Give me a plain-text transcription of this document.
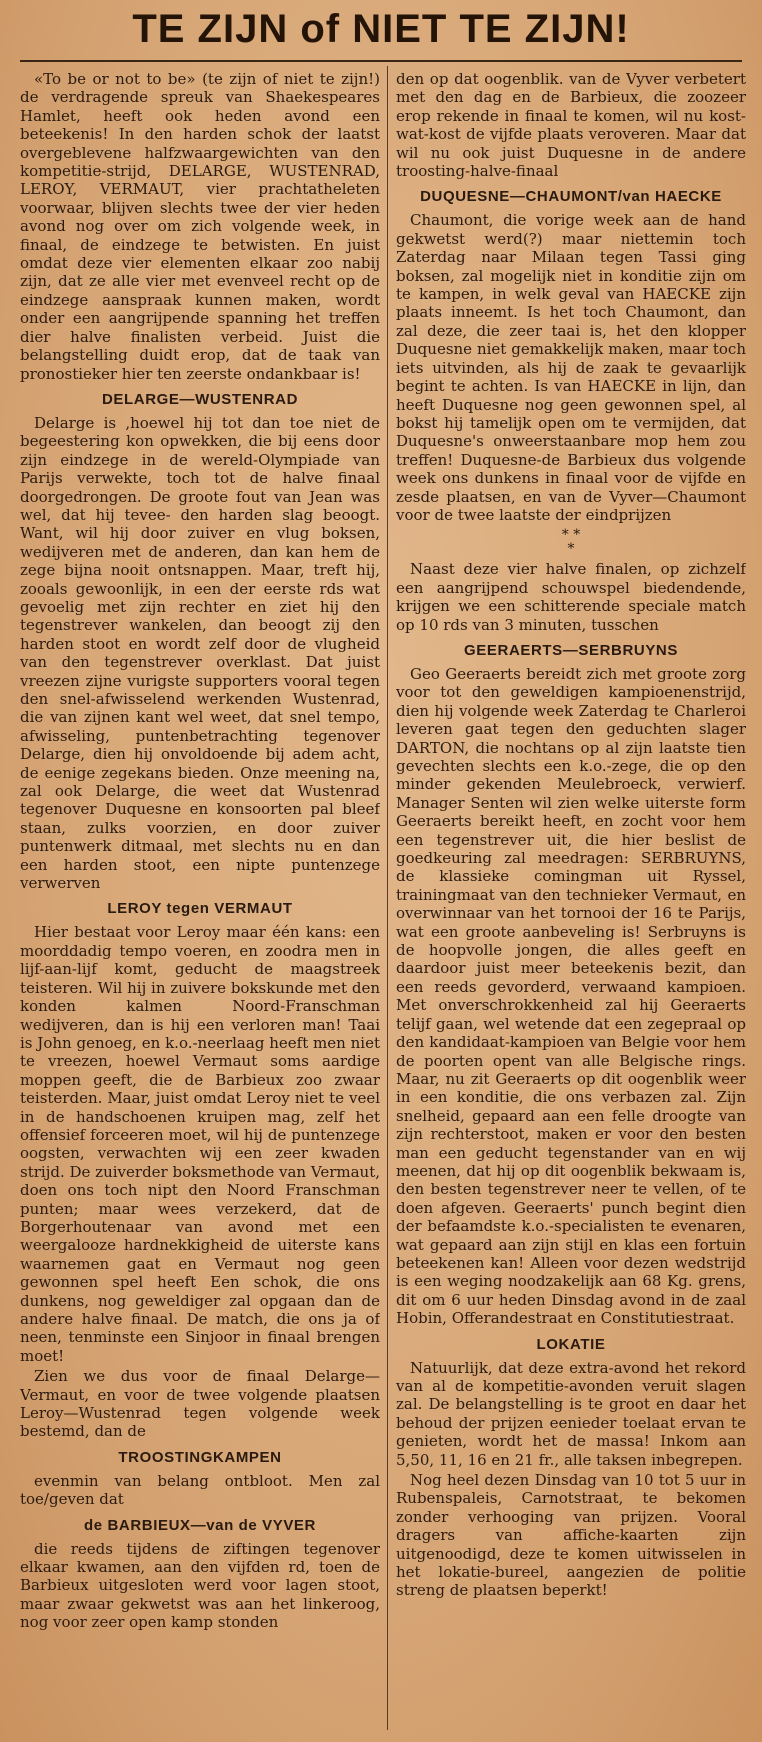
TE ZIJN of NIET TE ZIJN!

«To be or not to be» (te zijn of niet te zijn!) de verdragende spreuk van Shaekespeares Hamlet, heeft ook heden avond een beteekenis! In den harden schok der laatst overgeblevene halfzwaargewichten van den kompetitie-strijd, DELARGE, WUSTENRAD, LEROY, VERMAUT, vier prachtatheleten voorwaar, blijven slechts twee der vier heden avond nog over om zich volgende week, in finaal, de eindzege te betwisten. En juist omdat deze vier elementen elkaar zoo nabij zijn, dat ze alle vier met evenveel recht op de eindzege aanspraak kunnen maken, wordt onder een aangrijpende spanning het treffen dier halve finalisten verbeid. Juist die belangstelling duidt erop, dat de taak van pronostieker hier ten zeerste ondankbaar is!

DELARGE—WUSTENRAD

Delarge is ,hoewel hij tot dan toe niet de begeestering kon opwekken, die bij eens door zijn eindzege in de wereld-Olympiade van Parijs verwekte, toch tot de halve finaal doorgedrongen. De groote fout van Jean was wel, dat hij tevee- den harden slag beoogt. Want, wil hij door zuiver en vlug boksen, wedijveren met de anderen, dan kan hem de zege bijna nooit ontsnappen. Maar, treft hij, zooals gewoonlijk, in een der eerste rds wat gevoelig met zijn rechter en ziet hij den tegenstrever wankelen, dan beoogt zij den harden stoot en wordt zelf door de vlugheid van den tegenstrever overklast. Dat juist vreezen zijne vurigste supporters vooral tegen den snel-afwisselend werkenden Wustenrad, die van zijnen kant wel weet, dat snel tempo, afwisseling, puntenbetrachting tegenover Delarge, dien hij onvoldoende bij adem acht, de eenige zegekans bieden. Onze meening na, zal ook Delarge, die weet dat Wustenrad tegenover Duquesne en konsoorten pal bleef staan, zulks voorzien, en door zuiver puntenwerk ditmaal, met slechts nu en dan een harden stoot, een nipte puntenzege verwerven

LEROY tegen VERMAUT

Hier bestaat voor Leroy maar één kans: een moorddadig tempo voeren, en zoodra men in lijf-aan-lijf komt, geducht de maagstreek teisteren. Wil hij in zuivere bokskunde met den konden kalmen Noord-Franschman wedijveren, dan is hij een verloren man! Taai is John genoeg, en k.o.-neerlaag heeft men niet te vreezen, hoewel Vermaut soms aardige moppen geeft, die de Barbieux zoo zwaar teisterden. Maar, juist omdat Leroy niet te veel in de handschoenen kruipen mag, zelf het offensief forceeren moet, wil hij de puntenzege oogsten, verwachten wij een zeer kwaden strijd. De zuiverder boksmethode van Vermaut, doen ons toch nipt den Noord Franschman punten; maar wees verzekerd, dat de Borgerhoutenaar van avond met een weergalooze hardnekkigheid de uiterste kans waarnemen gaat en Vermaut nog geen gewonnen spel heeft Een schok, die ons dunkens, nog geweldiger zal opgaan dan de andere halve finaal. De match, die ons ja of neen, tenminste een Sinjoor in finaal brengen moet!

Zien we dus voor de finaal Delarge—Vermaut, en voor de twee volgende plaatsen Leroy—Wustenrad tegen volgende week bestemd, dan de

TROOSTINGKAMPEN

evenmin van belang ontbloot. Men zal toe/geven dat

de BARBIEUX—van de VYVER

die reeds tijdens de ziftingen tegenover elkaar kwamen, aan den vijfden rd, toen de Barbieux uitgesloten werd voor lagen stoot, maar zwaar gekwetst was aan het linkeroog, nog voor zeer open kamp stonden

den op dat oogenblik. van de Vyver verbetert met den dag en de Barbieux, die zoozeer erop rekende in finaal te komen, wil nu kost-wat-kost de vijfde plaats veroveren. Maar dat wil nu ook juist Duquesne in de andere troosting-halve-finaal

DUQUESNE—CHAUMONT/van HAECKE

Chaumont, die vorige week aan de hand gekwetst werd(?) maar niettemin toch Zaterdag naar Milaan tegen Tassi ging boksen, zal mogelijk niet in konditie zijn om te kampen, in welk geval van HAECKE zijn plaats inneemt. Is het toch Chaumont, dan zal deze, die zeer taai is, het den klopper Duquesne niet gemakkelijk maken, maar toch iets uitvinden, als hij de zaak te gevaarlijk begint te achten. Is van HAECKE in lijn, dan heeft Duquesne nog geen gewonnen spel, al bokst hij tamelijk open om te vermijden, dat Duquesne's onweerstaanbare mop hem zou treffen! Duquesne-de Barbieux dus volgende week ons dunkens in finaal voor de vijfde en zesde plaatsen, en van de Vyver—Chaumont voor de twee laatste der eindprijzen

* *
*

Naast deze vier halve finalen, op zichzelf een aangrijpend schouwspel biedendende, krijgen we een schitterende speciale match op 10 rds van 3 minuten, tusschen

GEERAERTS—SERBRUYNS

Geo Geeraerts bereidt zich met groote zorg voor tot den geweldigen kampioenenstrijd, dien hij volgende week Zaterdag te Charleroi leveren gaat tegen den geduchten slager DARTON, die nochtans op al zijn laatste tien gevechten slechts een k.o.-zege, die op den minder gekenden Meulebroeck, verwierf. Manager Senten wil zien welke uiterste form Geeraerts bereikt heeft, en zocht voor hem een tegenstrever uit, die hier beslist de goedkeuring zal meedragen: SERBRUYNS, de klassieke comingman uit Ryssel, trainingmaat van den technieker Vermaut, en overwinnaar van het tornooi der 16 te Parijs, wat een groote aanbeveling is! Serbruyns is de hoopvolle jongen, die alles geeft en daardoor juist meer beteekenis bezit, dan een reeds gevorderd, verwaand kampioen. Met onverschrokkenheid zal hij Geeraerts telijf gaan, wel wetende dat een zegepraal op den kandidaat-kampioen van Belgie voor hem de poorten opent van alle Belgische rings. Maar, nu zit Geeraerts op dit oogenblik weer in een konditie, die ons verbazen zal. Zijn snelheid, gepaard aan een felle droogte van zijn rechterstoot, maken er voor den besten man een geducht tegenstander van en wij meenen, dat hij op dit oogenblik bekwaam is, den besten tegenstrever neer te vellen, of te doen afgeven. Geeraerts' punch begint dien der befaamdste k.o.-specialisten te evenaren, wat gepaard aan zijn stijl en klas een fortuin beteekenen kan! Alleen voor dezen wedstrijd is een weging noodzakelijk aan 68 Kg. grens, dit om 6 uur heden Dinsdag avond in de zaal Hobin, Offerandestraat en Constitutiestraat.

LOKATIE

Natuurlijk, dat deze extra-avond het rekord van al de kompetitie-avonden veruit slagen zal. De belangstelling is te groot en daar het behoud der prijzen eenieder toelaat ervan te genieten, wordt het de massa! Inkom aan 5,50, 11, 16 en 21 fr., alle taksen inbegrepen.

Nog heel dezen Dinsdag van 10 tot 5 uur in Rubenspaleis, Carnotstraat, te bekomen zonder verhooging van prijzen. Vooral dragers van affiche-kaarten zijn uitgenoodigd, deze te komen uitwisselen in het lokatie-bureel, aangezien de politie streng de plaatsen beperkt!
